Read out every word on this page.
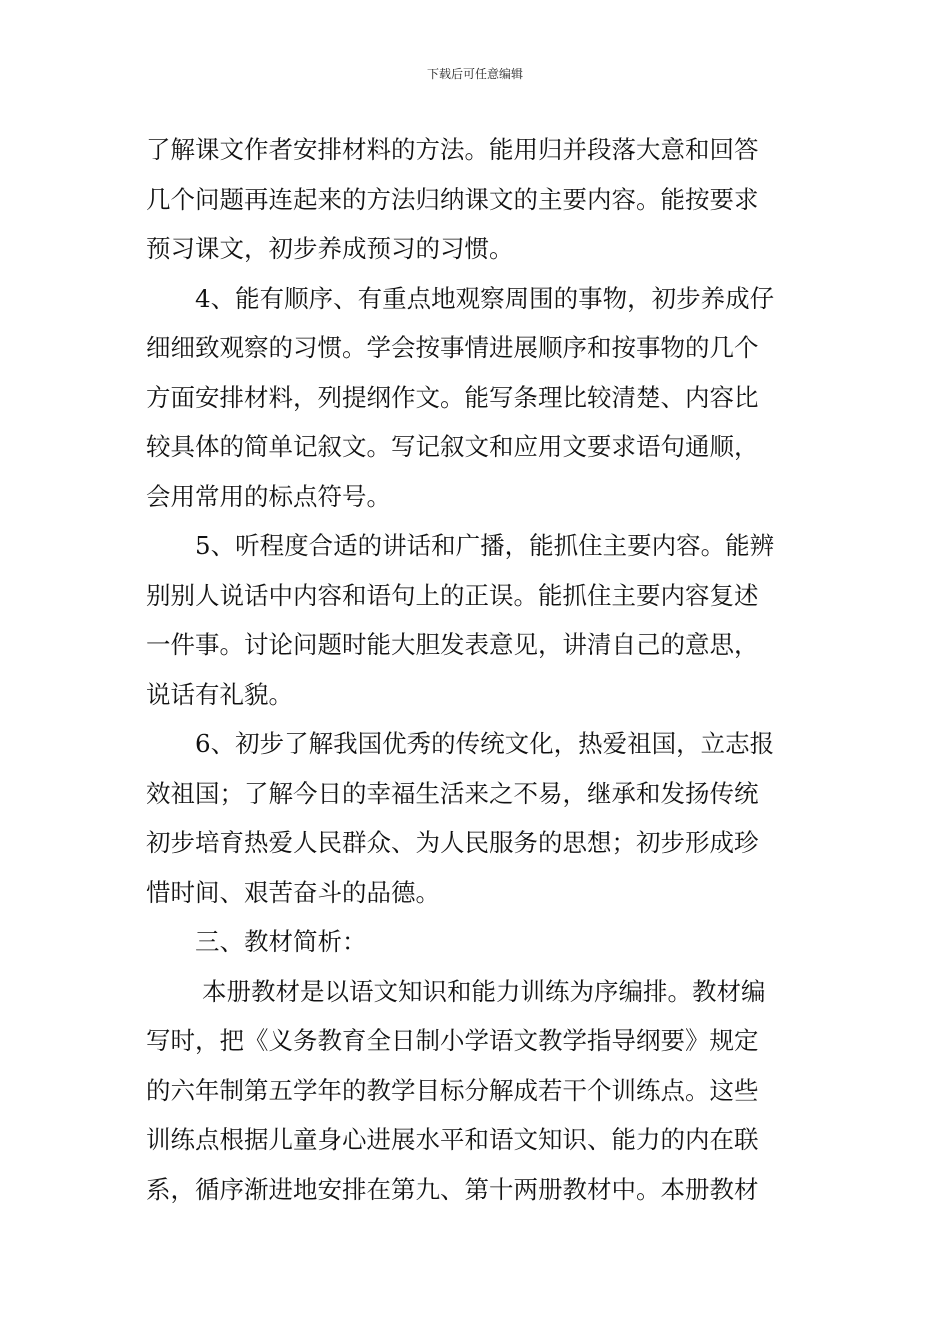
下载后可任意编辑
了解课文作者安排材料的方法。能用归并段落大意和回答
几个问题再连起来的方法归纳课文的主要内容。能按要求
预习课文，初步养成预习的习惯。
4、能有顺序、有重点地观察周围的事物，初步养成仔
细细致观察的习惯。学会按事情进展顺序和按事物的几个
方面安排材料，列提纲作文。能写条理比较清楚、内容比
较具体的简单记叙文。写记叙文和应用文要求语句通顺，
会用常用的标点符号。
5、听程度合适的讲话和广播，能抓住主要内容。能辨
别别人说话中内容和语句上的正误。能抓住主要内容复述
一件事。讨论问题时能大胆发表意见，讲清自己的意思，
说话有礼貌。
6、初步了解我国优秀的传统文化，热爱祖国，立志报
效祖国；了解今日的幸福生活来之不易，继承和发扬传统
初步培育热爱人民群众、为人民服务的思想；初步形成珍
惜时间、艰苦奋斗的品德。
三、教材简析：
本册教材是以语文知识和能力训练为序编排。教材编
写时，把《义务教育全日制小学语文教学指导纲要》规定
的六年制第五学年的教学目标分解成若干个训练点。这些
训练点根据儿童身心进展水平和语文知识、能力的内在联
系，循序渐进地安排在第九、第十两册教材中。本册教材
